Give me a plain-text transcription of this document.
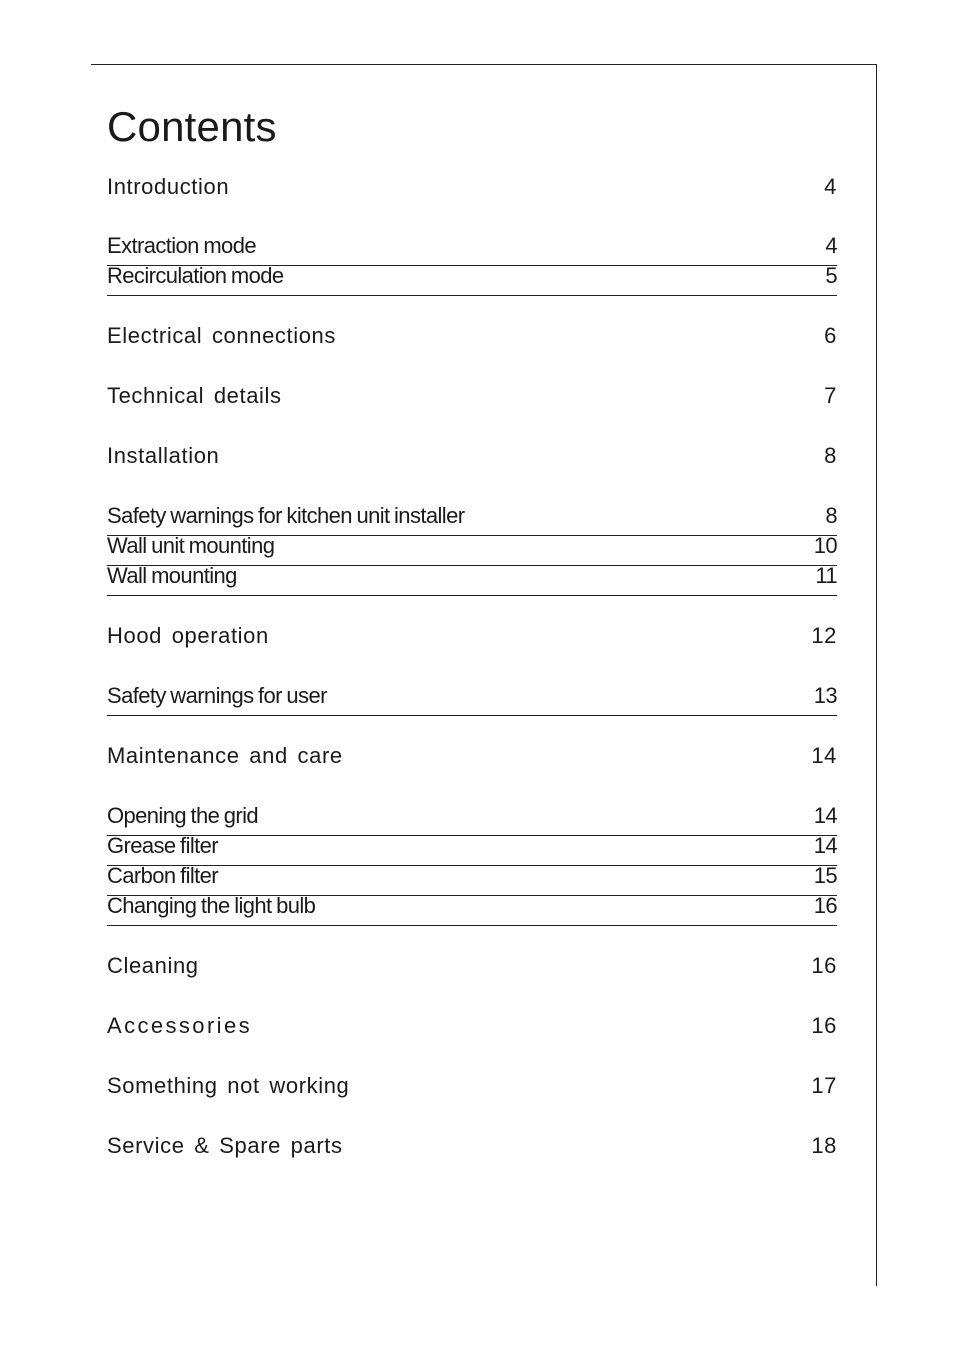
Contents
Introduction	4
Extraction mode	4
Recirculation mode	5
Electrical connections	6
Technical details	7
Installation	8
Safety warnings for kitchen unit installer	8
Wall unit mounting	10
Wall mounting	11
Hood operation	12
Safety warnings for user	13
Maintenance and care	14
Opening the grid	14
Grease filter	14
Carbon filter	15
Changing the light bulb	16
Cleaning	16
Accessories	16
Something not working	17
Service & Spare parts	18
